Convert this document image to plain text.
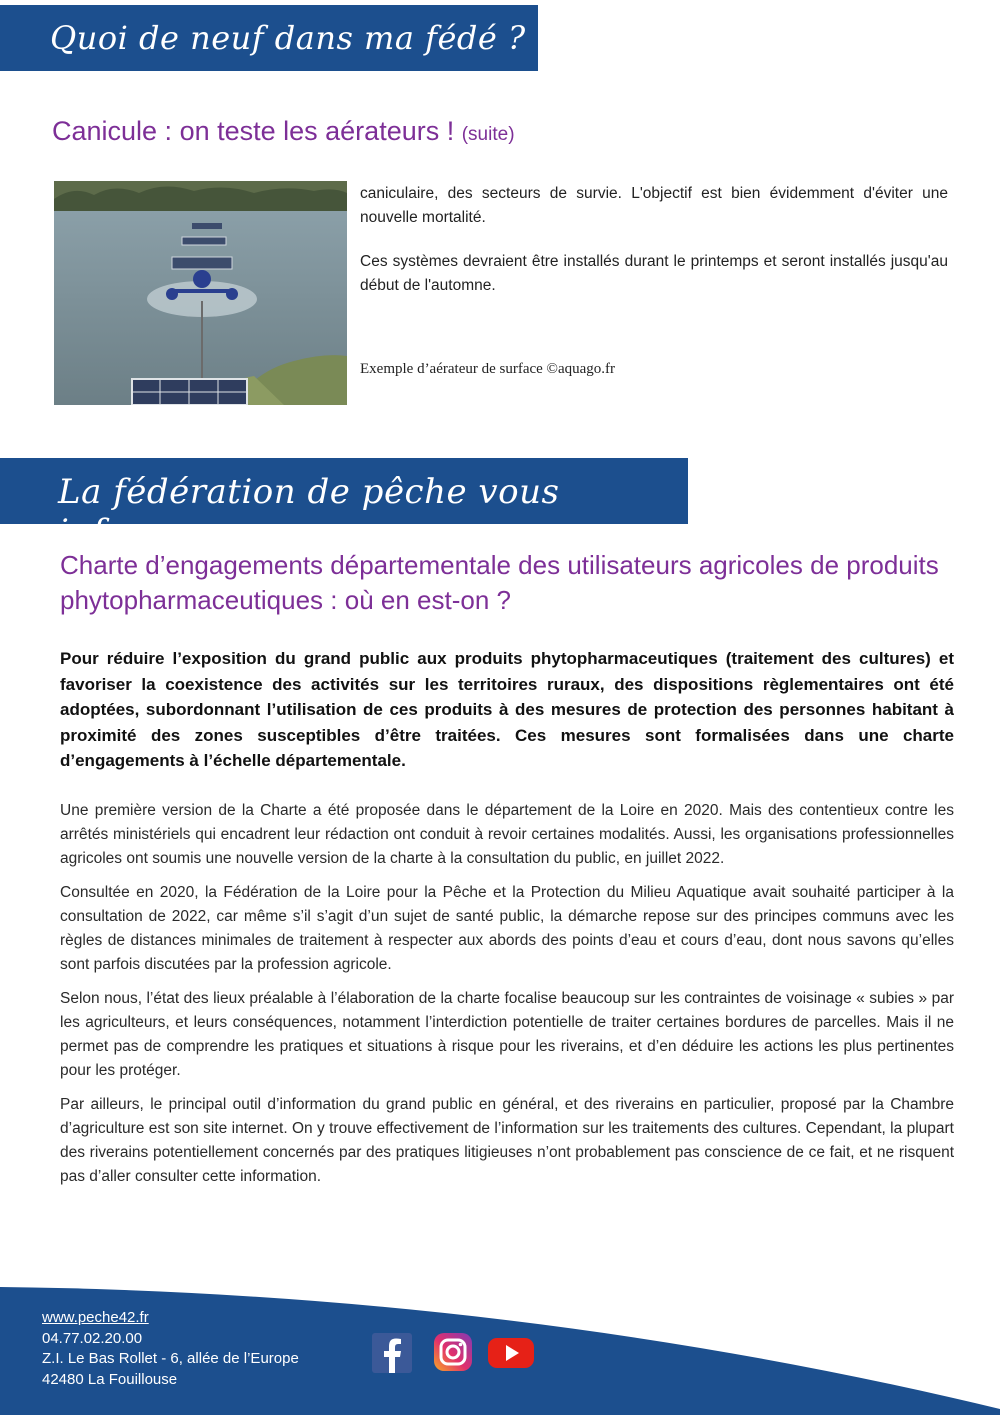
Quoi de neuf dans ma fédé ?
Canicule : on teste les aérateurs ! (suite)

caniculaire, des secteurs de survie. L'objectif est bien évidemment d'éviter une nouvelle mortalité.

Ces systèmes devraient être installés durant le printemps et seront installés jusqu'au début de l'automne.

Exemple d’aérateur de surface ©aquago.fr
La fédération de pêche vous informe...
Charte d’engagements départementale des utilisateurs agricoles de produits phytopharmaceutiques : où en est-on ?
Pour réduire l’exposition du grand public aux produits phytopharmaceutiques (traitement des cultures) et favoriser la coexistence des activités sur les territoires ruraux, des dispositions règlementaires ont été adoptées, subordonnant l’utilisation de ces produits à des mesures de protection des personnes habitant à proximité des zones susceptibles d’être traitées. Ces mesures sont formalisées dans une charte d’engagements à l’échelle départementale.

Une première version de la Charte a été proposée dans le département de la Loire en 2020. Mais des contentieux contre les arrêtés ministériels qui encadrent leur rédaction ont conduit à revoir certaines modalités. Aussi, les organisations professionnelles agricoles ont soumis une nouvelle version de la charte à la consultation du public, en juillet 2022.

Consultée en 2020, la Fédération de la Loire pour la Pêche et la Protection du Milieu Aquatique avait souhaité participer à la consultation de 2022, car même s’il s’agit d’un sujet de santé public, la démarche repose sur des principes communs avec les règles de distances minimales de traitement à respecter aux abords des points d’eau et cours d’eau, dont nous savons qu’elles sont parfois discutées par la profession agricole.

Selon nous, l’état des lieux préalable à l’élaboration de la charte focalise beaucoup sur les contraintes de voisinage « subies » par les agriculteurs, et leurs conséquences, notamment l’interdiction potentielle de traiter certaines bordures de parcelles. Mais il ne permet pas de comprendre les pratiques et situations à risque pour les riverains, et d’en déduire les actions les plus pertinentes pour les protéger.

Par ailleurs, le principal outil d’information du grand public en général, et des riverains en particulier, proposé par la Chambre d’agriculture est son site internet. On y trouve effectivement de l’information sur les traitements des cultures. Cependant, la plupart des riverains potentiellement concernés par des pratiques litigieuses n’ont probablement pas conscience de ce fait, et ne risquent pas d’aller consulter cette information.

www.peche42.fr
04.77.02.20.00
Z.I. Le Bas Rollet - 6, allée de l’Europe
42480 La Fouillouse
